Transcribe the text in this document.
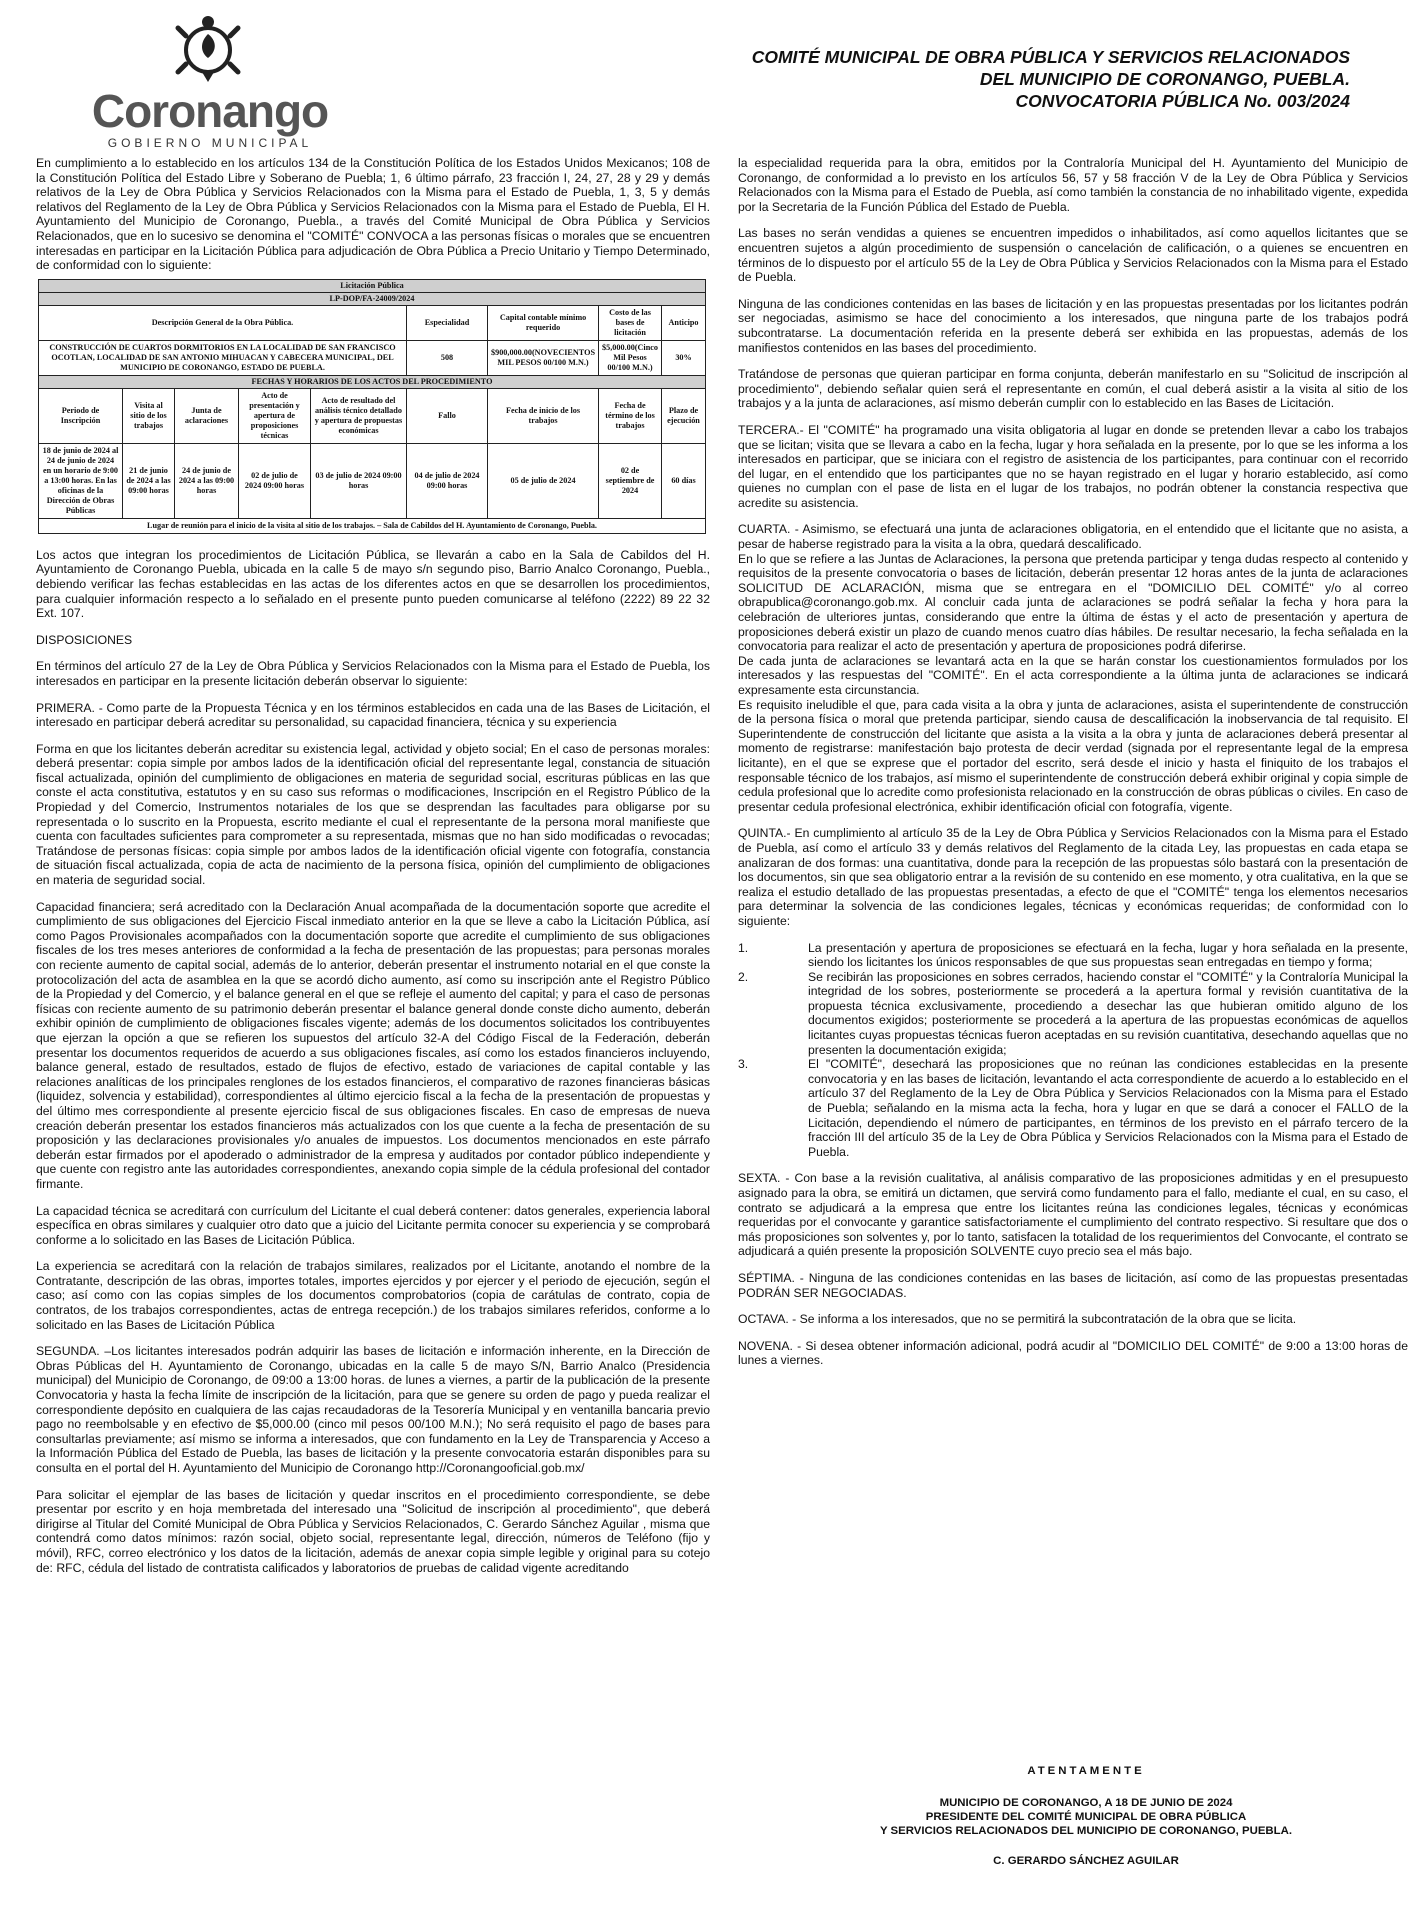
Coronango
GOBIERNO MUNICIPAL
COMITÉ MUNICIPAL DE OBRA PÚBLICA Y SERVICIOS RELACIONADOS
DEL MUNICIPIO DE CORONANGO, PUEBLA.
CONVOCATORIA PÚBLICA No. 003/2024

En cumplimiento a lo establecido en los artículos 134 de la Constitución Política de los Estados Unidos Mexicanos; 108 de la Constitución Política del Estado Libre y Soberano de Puebla; 1, 6 último párrafo, 23 fracción I, 24, 27, 28 y 29 y demás relativos de la Ley de Obra Pública y Servicios Relacionados con la Misma para el Estado de Puebla, 1, 3, 5 y demás relativos del Reglamento de la Ley de Obra Pública y Servicios Relacionados con la Misma para el Estado de Puebla, El H. Ayuntamiento del Municipio de Coronango, Puebla., a través del Comité Municipal de Obra Pública y Servicios Relacionados, que en lo sucesivo se denomina el "COMITÉ" CONVOCA a las personas físicas o morales que se encuentren interesadas en participar en la Licitación Pública para adjudicación de Obra Pública a Precio Unitario y Tiempo Determinado, de conformidad con lo siguiente:

Licitación Pública								
LP-DOP/FA-24009/2024								
Descripción General de la Obra Pública.					Especialidad	Capital contable mínimo requerido	Costo de las bases de licitación	Anticipo
CONSTRUCCIÓN DE CUARTOS DORMITORIOS EN LA LOCALIDAD DE SAN FRANCISCO OCOTLAN, LOCALIDAD DE SAN ANTONIO MIHUACAN Y CABECERA MUNICIPAL, DEL MUNICIPIO DE CORONANGO, ESTADO DE PUEBLA.					508	$900,000.00(NOVECIENTOS MIL PESOS 00/100 M.N.)	$5,000.00(Cinco Mil Pesos 00/100 M.N.)	30%
FECHAS Y HORARIOS DE LOS ACTOS DEL PROCEDIMIENTO								
Periodo de Inscripción	Visita al sitio de los trabajos	Junta de aclaraciones	Acto de presentación y apertura de proposiciones técnicas	Acto de resultado del análisis técnico detallado y apertura de propuestas económicas	Fallo	Fecha de inicio de los trabajos	Fecha de término de los trabajos	Plazo de ejecución
18 de junio de 2024 al 24 de junio de 2024 en un horario de 9:00 a 13:00 horas. En las oficinas de la Dirección de Obras Públicas	21 de junio de 2024 a las 09:00 horas	24 de junio de 2024 a las 09:00 horas	02 de julio de 2024 09:00 horas	03 de julio de 2024 09:00 horas	04 de julio de 2024 09:00 horas	05 de julio de 2024	02 de septiembre de 2024	60 días
Lugar de reunión para el inicio de la visita al sitio de los trabajos. – Sala de Cabildos del H. Ayuntamiento de Coronango, Puebla.								

Los actos que integran los procedimientos de Licitación Pública, se llevarán a cabo en la Sala de Cabildos del H. Ayuntamiento de Coronango Puebla, ubicada en la calle 5 de mayo s/n segundo piso, Barrio Analco Coronango, Puebla., debiendo verificar las fechas establecidas en las actas de los diferentes actos en que se desarrollen los procedimientos, para cualquier información respecto a lo señalado en el presente punto pueden comunicarse al teléfono (2222) 89 22 32 Ext. 107.

DISPOSICIONES

En términos del artículo 27 de la Ley de Obra Pública y Servicios Relacionados con la Misma para el Estado de Puebla, los interesados en participar en la presente licitación deberán observar lo siguiente:

PRIMERA. - Como parte de la Propuesta Técnica y en los términos establecidos en cada una de las Bases de Licitación, el interesado en participar deberá acreditar su personalidad, su capacidad financiera, técnica y su experiencia

Forma en que los licitantes deberán acreditar su existencia legal, actividad y objeto social; En el caso de personas morales: deberá presentar: copia simple por ambos lados de la identificación oficial del representante legal, constancia de situación fiscal actualizada, opinión del cumplimiento de obligaciones en materia de seguridad social, escrituras públicas en las que conste el acta constitutiva, estatutos y en su caso sus reformas o modificaciones, Inscripción en el Registro Público de la Propiedad y del Comercio, Instrumentos notariales de los que se desprendan las facultades para obligarse por su representada o lo suscrito en la Propuesta, escrito mediante el cual el representante de la persona moral manifieste que cuenta con facultades suficientes para comprometer a su representada, mismas que no han sido modificadas o revocadas; Tratándose de personas físicas: copia simple por ambos lados de la identificación oficial vigente con fotografía, constancia de situación fiscal actualizada, copia de acta de nacimiento de la persona física, opinión del cumplimiento de obligaciones en materia de seguridad social.

Capacidad financiera; será acreditado con la Declaración Anual acompañada de la documentación soporte que acredite el cumplimiento de sus obligaciones del Ejercicio Fiscal inmediato anterior en la que se lleve a cabo la Licitación Pública, así como Pagos Provisionales acompañados con la documentación soporte que acredite el cumplimiento de sus obligaciones fiscales de los tres meses anteriores de conformidad a la fecha de presentación de las propuestas; para personas morales con reciente aumento de capital social, además de lo anterior, deberán presentar el instrumento notarial en el que conste la protocolización del acta de asamblea en la que se acordó dicho aumento, así como su inscripción ante el Registro Público de la Propiedad y del Comercio, y el balance general en el que se refleje el aumento del capital; y para el caso de personas físicas con reciente aumento de su patrimonio deberán presentar el balance general donde conste dicho aumento, deberán exhibir opinión de cumplimiento de obligaciones fiscales vigente; además de los documentos solicitados los contribuyentes que ejerzan la opción a que se refieren los supuestos del artículo 32-A del Código Fiscal de la Federación, deberán presentar los documentos requeridos de acuerdo a sus obligaciones fiscales, así como los estados financieros incluyendo, balance general, estado de resultados, estado de flujos de efectivo, estado de variaciones de capital contable y las relaciones analíticas de los principales renglones de los estados financieros, el comparativo de razones financieras básicas (liquidez, solvencia y estabilidad), correspondientes al último ejercicio fiscal a la fecha de la presentación de propuestas y del último mes correspondiente al presente ejercicio fiscal de sus obligaciones fiscales. En caso de empresas de nueva creación deberán presentar los estados financieros más actualizados con los que cuente a la fecha de presentación de su proposición y las declaraciones provisionales y/o anuales de impuestos. Los documentos mencionados en este párrafo deberán estar firmados por el apoderado o administrador de la empresa y auditados por contador público independiente y que cuente con registro ante las autoridades correspondientes, anexando copia simple de la cédula profesional del contador firmante.

La capacidad técnica se acreditará con currículum del Licitante el cual deberá contener: datos generales, experiencia laboral específica en obras similares y cualquier otro dato que a juicio del Licitante permita conocer su experiencia y se comprobará conforme a lo solicitado en las Bases de Licitación Pública.

La experiencia se acreditará con la relación de trabajos similares, realizados por el Licitante, anotando el nombre de la Contratante, descripción de las obras, importes totales, importes ejercidos y por ejercer y el periodo de ejecución, según el caso; así como con las copias simples de los documentos comprobatorios (copia de carátulas de contrato, copia de contratos, de los trabajos correspondientes, actas de entrega recepción.) de los trabajos similares referidos, conforme a lo solicitado en las Bases de Licitación Pública

SEGUNDA. –Los licitantes interesados podrán adquirir las bases de licitación e información inherente, en la Dirección de Obras Públicas del H. Ayuntamiento de Coronango, ubicadas en la calle 5 de mayo S/N, Barrio Analco (Presidencia municipal) del Municipio de Coronango, de 09:00 a 13:00 horas. de lunes a viernes, a partir de la publicación de la presente Convocatoria y hasta la fecha límite de inscripción de la licitación, para que se genere su orden de pago y pueda realizar el correspondiente depósito en cualquiera de las cajas recaudadoras de la Tesorería Municipal y en ventanilla bancaria previo pago no reembolsable y en efectivo de $5,000.00 (cinco mil pesos 00/100 M.N.); No será requisito el pago de bases para consultarlas previamente; así mismo se informa a interesados, que con fundamento en la Ley de Transparencia y Acceso a la Información Pública del Estado de Puebla, las bases de licitación y la presente convocatoria estarán disponibles para su consulta en el portal del H. Ayuntamiento del Municipio de Coronango http://Coronangooficial.gob.mx/

Para solicitar el ejemplar de las bases de licitación y quedar inscritos en el procedimiento correspondiente, se debe presentar por escrito y en hoja membretada del interesado una "Solicitud de inscripción al procedimiento", que deberá dirigirse al Titular del Comité Municipal de Obra Pública y Servicios Relacionados, C. Gerardo Sánchez Aguilar , misma que contendrá como datos mínimos: razón social, objeto social, representante legal, dirección, números de Teléfono (fijo y móvil), RFC, correo electrónico y los datos de la licitación, además de anexar copia simple legible y original para su cotejo de: RFC, cédula del listado de contratista calificados y laboratorios de pruebas de calidad vigente acreditando

la especialidad requerida para la obra, emitidos por la Contraloría Municipal del H. Ayuntamiento del Municipio de Coronango, de conformidad a lo previsto en los artículos 56, 57 y 58 fracción V de la Ley de Obra Pública y Servicios Relacionados con la Misma para el Estado de Puebla, así como también la constancia de no inhabilitado vigente, expedida por la Secretaria de la Función Pública del Estado de Puebla.

Las bases no serán vendidas a quienes se encuentren impedidos o inhabilitados, así como aquellos licitantes que se encuentren sujetos a algún procedimiento de suspensión o cancelación de calificación, o a quienes se encuentren en términos de lo dispuesto por el artículo 55 de la Ley de Obra Pública y Servicios Relacionados con la Misma para el Estado de Puebla.

Ninguna de las condiciones contenidas en las bases de licitación y en las propuestas presentadas por los licitantes podrán ser negociadas, asimismo se hace del conocimiento a los interesados, que ninguna parte de los trabajos podrá subcontratarse. La documentación referida en la presente deberá ser exhibida en las propuestas, además de los manifiestos contenidos en las bases del procedimiento.

Tratándose de personas que quieran participar en forma conjunta, deberán manifestarlo en su "Solicitud de inscripción al procedimiento", debiendo señalar quien será el representante en común, el cual deberá asistir a la visita al sitio de los trabajos y a la junta de aclaraciones, así mismo deberán cumplir con lo establecido en las Bases de Licitación.

TERCERA.- El "COMITÉ" ha programado una visita obligatoria al lugar en donde se pretenden llevar a cabo los trabajos que se licitan; visita que se llevara a cabo en la fecha, lugar y hora señalada en la presente, por lo que se les informa a los interesados en participar, que se iniciara con el registro de asistencia de los participantes, para continuar con el recorrido del lugar, en el entendido que los participantes que no se hayan registrado en el lugar y horario establecido, así como quienes no cumplan con el pase de lista en el lugar de los trabajos, no podrán obtener la constancia respectiva que acredite su asistencia.

CUARTA. - Asimismo, se efectuará una junta de aclaraciones obligatoria, en el entendido que el licitante que no asista, a pesar de haberse registrado para la visita a la obra, quedará descalificado.

En lo que se refiere a las Juntas de Aclaraciones, la persona que pretenda participar y tenga dudas respecto al contenido y requisitos de la presente convocatoria o bases de licitación, deberán presentar 12 horas antes de la junta de aclaraciones SOLICITUD DE ACLARACIÓN, misma que se entregara en el "DOMICILIO DEL COMITÉ" y/o al correo obrapublica@coronango.gob.mx. Al concluir cada junta de aclaraciones se podrá señalar la fecha y hora para la celebración de ulteriores juntas, considerando que entre la última de éstas y el acto de presentación y apertura de proposiciones deberá existir un plazo de cuando menos cuatro días hábiles. De resultar necesario, la fecha señalada en la convocatoria para realizar el acto de presentación y apertura de proposiciones podrá diferirse.

De cada junta de aclaraciones se levantará acta en la que se harán constar los cuestionamientos formulados por los interesados y las respuestas del "COMITÉ". En el acta correspondiente a la última junta de aclaraciones se indicará expresamente esta circunstancia.

Es requisito ineludible el que, para cada visita a la obra y junta de aclaraciones, asista el superintendente de construcción de la persona física o moral que pretenda participar, siendo causa de descalificación la inobservancia de tal requisito. El Superintendente de construcción del licitante que asista a la visita a la obra y junta de aclaraciones deberá presentar al momento de registrarse: manifestación bajo protesta de decir verdad (signada por el representante legal de la empresa licitante), en el que se exprese que el portador del escrito, será desde el inicio y hasta el finiquito de los trabajos el responsable técnico de los trabajos, así mismo el superintendente de construcción deberá exhibir original y copia simple de cedula profesional que lo acredite como profesionista relacionado en la construcción de obras públicas o civiles. En caso de presentar cedula profesional electrónica, exhibir identificación oficial con fotografía, vigente.

QUINTA.- En cumplimiento al artículo 35 de la Ley de Obra Pública y Servicios Relacionados con la Misma para el Estado de Puebla, así como el artículo 33 y demás relativos del Reglamento de la citada Ley, las propuestas en cada etapa se analizaran de dos formas: una cuantitativa, donde para la recepción de las propuestas sólo bastará con la presentación de los documentos, sin que sea obligatorio entrar a la revisión de su contenido en ese momento, y otra cualitativa, en la que se realiza el estudio detallado de las propuestas presentadas, a efecto de que el "COMITÉ" tenga los elementos necesarios para determinar la solvencia de las condiciones legales, técnicas y económicas requeridas; de conformidad con lo siguiente:

1.	La presentación y apertura de proposiciones se efectuará en la fecha, lugar y hora señalada en la presente, siendo los licitantes los únicos responsables de que sus propuestas sean entregadas en tiempo y forma;
2.	Se recibirán las proposiciones en sobres cerrados, haciendo constar el "COMITÉ" y la Contraloría Municipal la integridad de los sobres, posteriormente se procederá a la apertura formal y revisión cuantitativa de la propuesta técnica exclusivamente, procediendo a desechar las que hubieran omitido alguno de los documentos exigidos; posteriormente se procederá a la apertura de las propuestas económicas de aquellos licitantes cuyas propuestas técnicas fueron aceptadas en su revisión cuantitativa, desechando aquellas que no presenten la documentación exigida;
3.	El "COMITÉ", desechará las proposiciones que no reúnan las condiciones establecidas en la presente convocatoria y en las bases de licitación, levantando el acta correspondiente de acuerdo a lo establecido en el artículo 37 del Reglamento de la Ley de Obra Pública y Servicios Relacionados con la Misma para el Estado de Puebla; señalando en la misma acta la fecha, hora y lugar en que se dará a conocer el FALLO de la Licitación, dependiendo el número de participantes, en términos de los previsto en el párrafo tercero de la fracción III del artículo 35 de la Ley de Obra Pública y Servicios Relacionados con la Misma para el Estado de Puebla.

SEXTA. - Con base a la revisión cualitativa, al análisis comparativo de las proposiciones admitidas y en el presupuesto asignado para la obra, se emitirá un dictamen, que servirá como fundamento para el fallo, mediante el cual, en su caso, el contrato se adjudicará a la empresa que entre los licitantes reúna las condiciones legales, técnicas y económicas requeridas por el convocante y garantice satisfactoriamente el cumplimiento del contrato respectivo. Si resultare que dos o más proposiciones son solventes y, por lo tanto, satisfacen la totalidad de los requerimientos del Convocante, el contrato se adjudicará a quién presente la proposición SOLVENTE cuyo precio sea el más bajo.

SÉPTIMA. - Ninguna de las condiciones contenidas en las bases de licitación, así como de las propuestas presentadas PODRÁN SER NEGOCIADAS.

OCTAVA. - Se informa a los interesados, que no se permitirá la subcontratación de la obra que se licita.

NOVENA. - Si desea obtener información adicional, podrá acudir al "DOMICILIO DEL COMITÉ" de 9:00 a 13:00 horas de lunes a viernes.

ATENTAMENTE
MUNICIPIO DE CORONANGO, A 18 DE JUNIO DE 2024
PRESIDENTE DEL COMITÉ MUNICIPAL DE OBRA PÚBLICA
Y SERVICIOS RELACIONADOS DEL MUNICIPIO DE CORONANGO, PUEBLA.
C. GERARDO SÁNCHEZ AGUILAR
